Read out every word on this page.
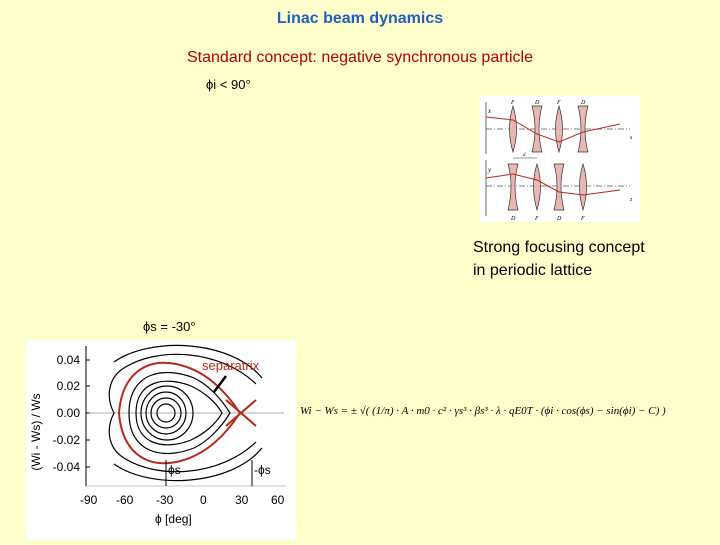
Linac beam dynamics
Standard concept: negative synchronous particle
ϕi < 90°
x
y
s
z
F	D	F	D
D	F	D	F
d
Strong focusing concept
in periodic lattice
ϕs = -30°
(Wi - Ws) / Ws
0.04
0.02
0.00
-0.02
-0.04
separatrix
ϕs	-ϕs
-90 -60 -30 0 30 60
ϕ [deg]
Wi − Ws = ± √( (1/π) · A · m0 · c² · γs³ · βs³ · λ · qE0T · (ϕi · cos(ϕs) − sin(ϕi) − C) )
